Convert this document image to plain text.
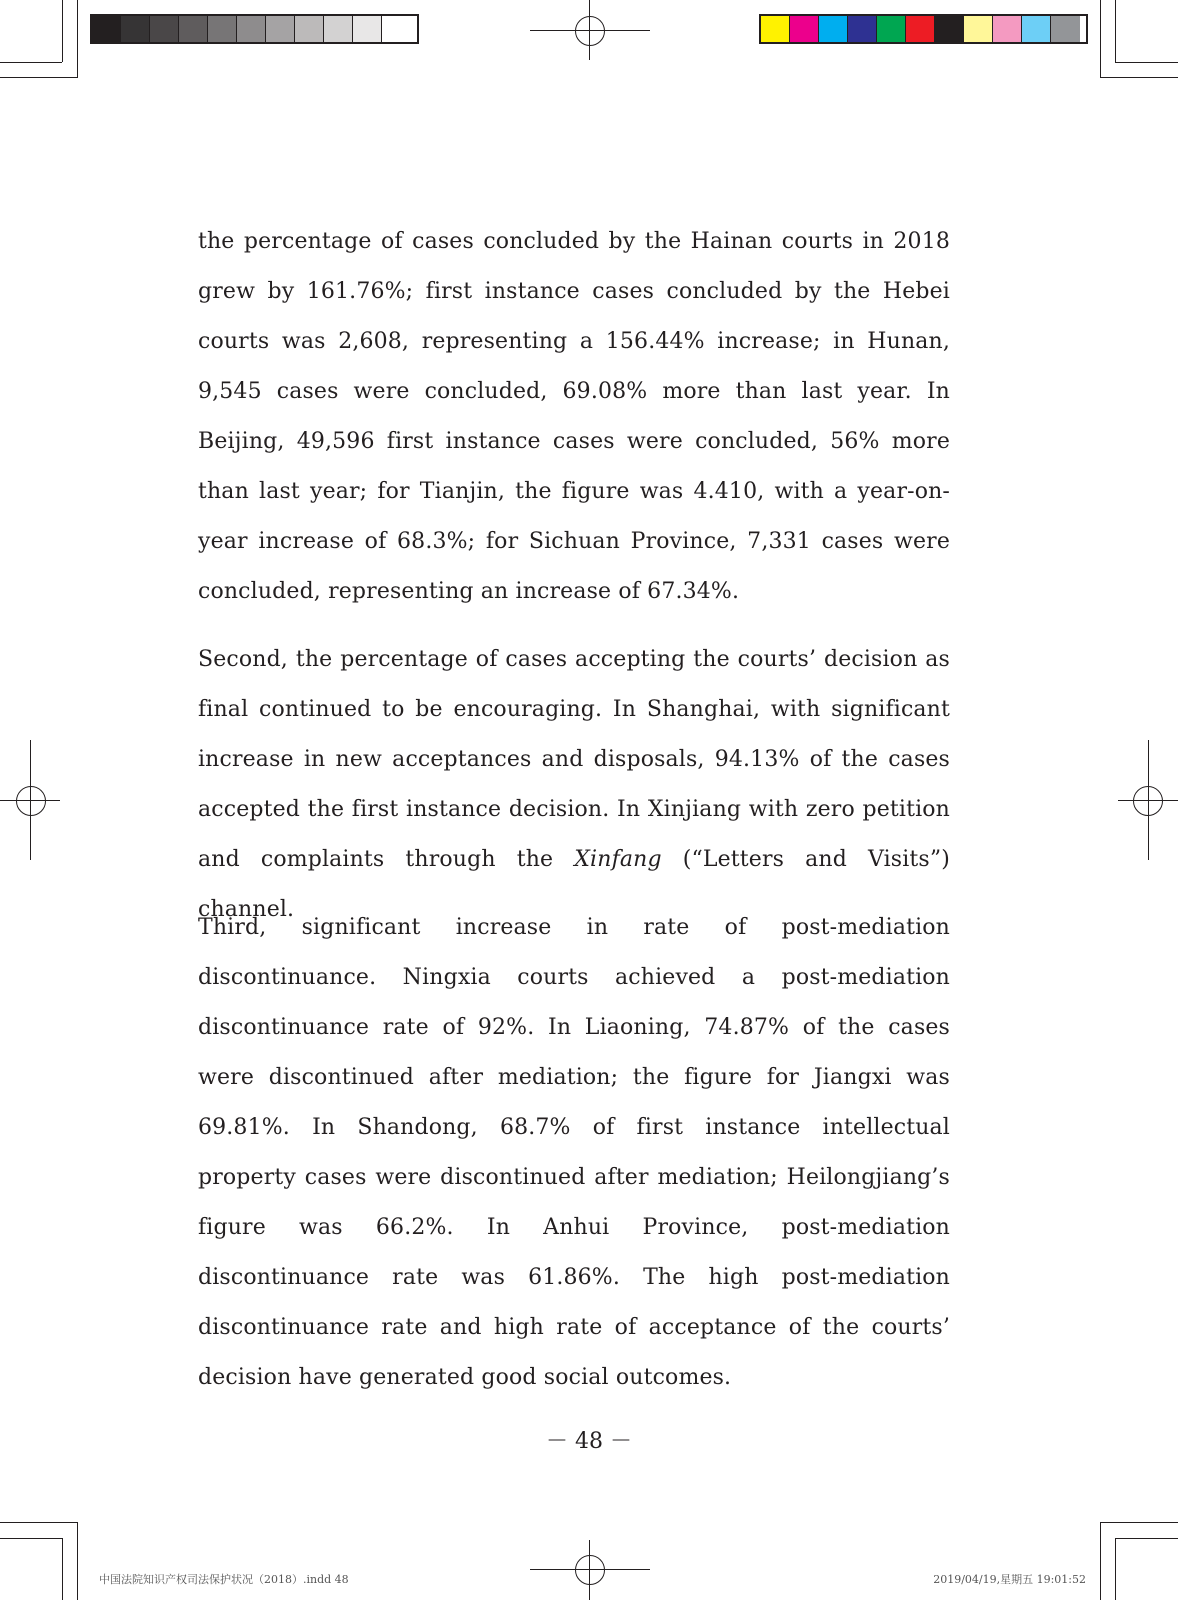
the percentage of cases concluded by the Hainan courts in 2018 grew by 161.76%; first instance cases concluded by the Hebei courts was 2,608, representing a 156.44% increase; in Hunan, 9,545 cases were concluded, 69.08% more than last year. In Beijing, 49,596 first instance cases were concluded, 56% more than last year; for Tianjin, the figure was 4.410, with a year-on-year increase of 68.3%; for Sichuan Province, 7,331 cases were concluded, representing an increase of 67.34%.

Second, the percentage of cases accepting the courts’ decision as final continued to be encouraging. In Shanghai, with significant increase in new acceptances and disposals, 94.13% of the cases accepted the first instance decision. In Xinjiang with zero petition and complaints through the Xinfang (“Letters and Visits”) channel.

Third, significant increase in rate of post-mediation discontinuance. Ningxia courts achieved a post-mediation discontinuance rate of 92%. In Liaoning, 74.87% of the cases were discontinued after mediation; the figure for Jiangxi was 69.81%. In Shandong, 68.7% of first instance intellectual property cases were discontinued after mediation; Heilongjiang’s figure was 66.2%. In Anhui Province, post-mediation discontinuance rate was 61.86%. The high post-mediation discontinuance rate and high rate of acceptance of the courts’ decision have generated good social outcomes.

－ 48 －
中国法院知识产权司法保护状况（2018）.indd 48	2019/04/19,星期五 19:01:52
